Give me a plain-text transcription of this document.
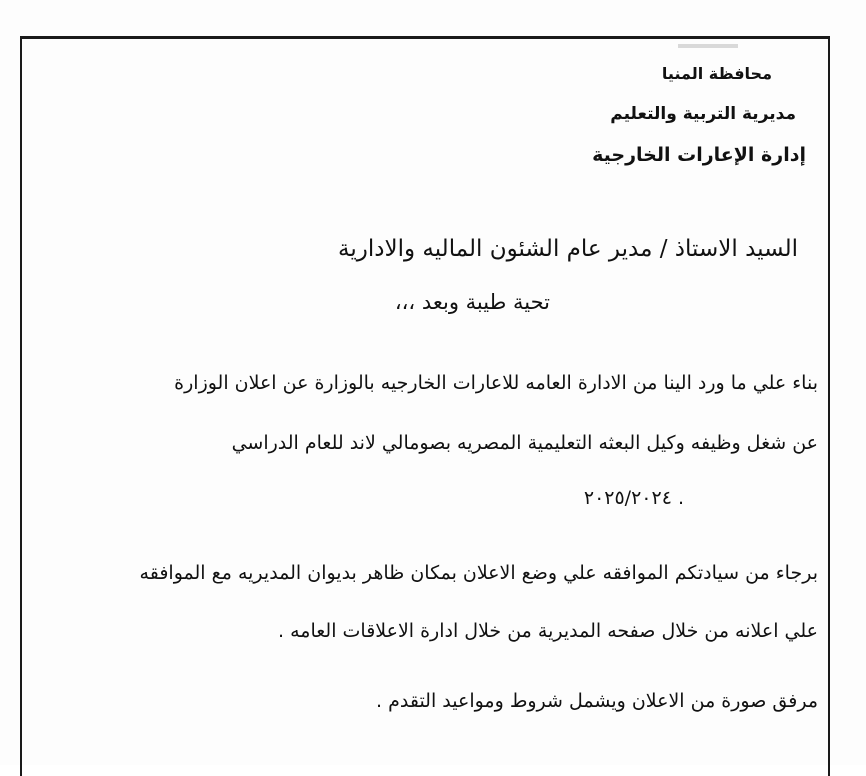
محافظة المنيا
مديرية التربية والتعليم
إدارة الإعارات الخارجية
السيد الاستاذ / مدير عام الشئون الماليه والادارية
تحية طيبة وبعد ،،،
بناء علي ما ورد الينا من الادارة العامه للاعارات الخارجيه بالوزارة عن اعلان الوزارة
عن شغل وظيفه وكيل البعثه التعليمية المصريه بصومالي لاند للعام الدراسي
٢٠٢٥/٢٠٢٤ .
برجاء من سيادتكم الموافقه علي وضع الاعلان بمكان ظاهر بديوان المديريه مع الموافقه
علي اعلانه من خلال صفحه المديرية من خلال ادارة الاعلاقات العامه .
مرفق صورة من الاعلان ويشمل شروط ومواعيد التقدم .
